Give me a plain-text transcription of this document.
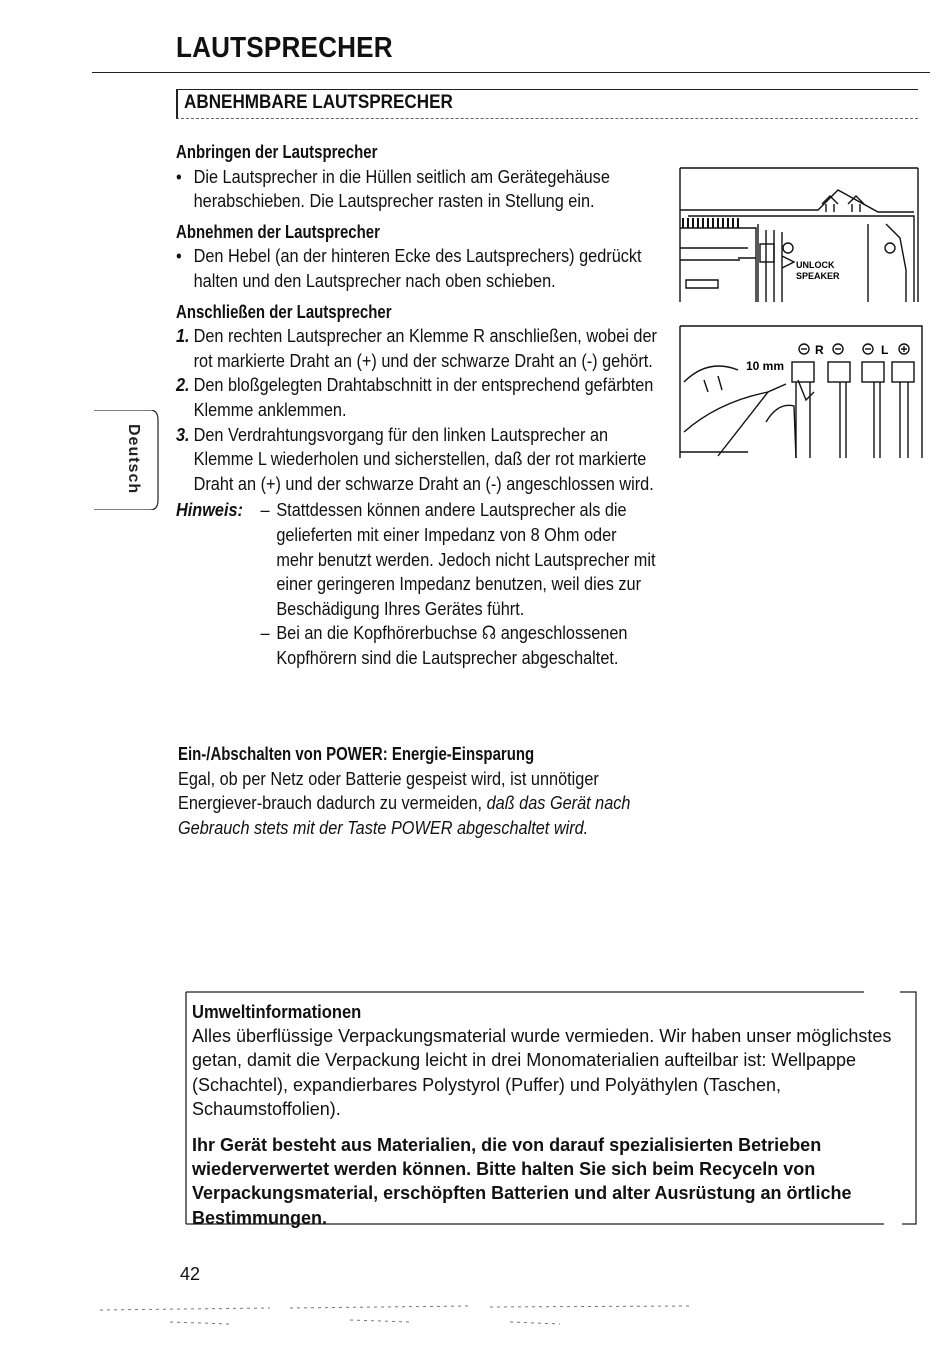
LAUTSPRECHER
ABNEHMBARE LAUTSPRECHER
Deutsch
Anbringen der Lautsprecher
• Die Lautsprecher in die Hüllen seitlich am Gerätegehäuse herabschieben. Die Lautsprecher rasten in Stellung ein.
Abnehmen der Lautsprecher
• Den Hebel (an der hinteren Ecke des Lautsprechers) gedrückt halten und den Lautsprecher nach oben schieben.
Anschließen der Lautsprecher
1. Den rechten Lautsprecher an Klemme R anschließen, wobei der rot markierte Draht an (+) und der schwarze Draht an (-) gehört.
2. Den bloßgelegten Drahtabschnitt in der entsprechend gefärbten Klemme anklemmen.
3. Den Verdrahtungsvorgang für den linken Lautsprecher an Klemme L wiederholen und sicherstellen, daß der rot markierte Draht an (+) und der schwarze Draht an (-) angeschlossen wird.
Hinweis: – Stattdessen können andere Lautsprecher als die gelieferten mit einer Impedanz von 8 Ohm oder mehr benutzt werden. Jedoch nicht Lautsprecher mit einer geringeren Impedanz benutzen, weil dies zur Beschädigung Ihres Gerätes führt.
– Bei an die Kopfhörerbuchse ☊ angeschlossenen Kopfhörern sind die Lautsprecher abgeschaltet.
Ein-/Abschalten von POWER: Energie-Einsparung
Egal, ob per Netz oder Batterie gespeist wird, ist unnötiger Energiever-brauch dadurch zu vermeiden, daß das Gerät nach Gebrauch stets mit der Taste POWER abgeschaltet wird.
UNLOCK
SPEAKER
10 mm
R	L
Umweltinformationen

Alles überflüssige Verpackungsmaterial wurde vermieden. Wir haben unser möglichstes getan, damit die Verpackung leicht in drei Monomaterialien aufteilbar ist: Wellpappe (Schachtel), expandierbares Polystyrol (Puffer) und Polyäthylen (Taschen, Schaumstoffolien).

Ihr Gerät besteht aus Materialien, die von darauf spezialisierten Betrieben wiederverwertet werden können. Bitte halten Sie sich beim Recyceln von Verpackungsmaterial, erschöpften Batterien und alter Ausrüstung an örtliche Bestimmungen.

42
